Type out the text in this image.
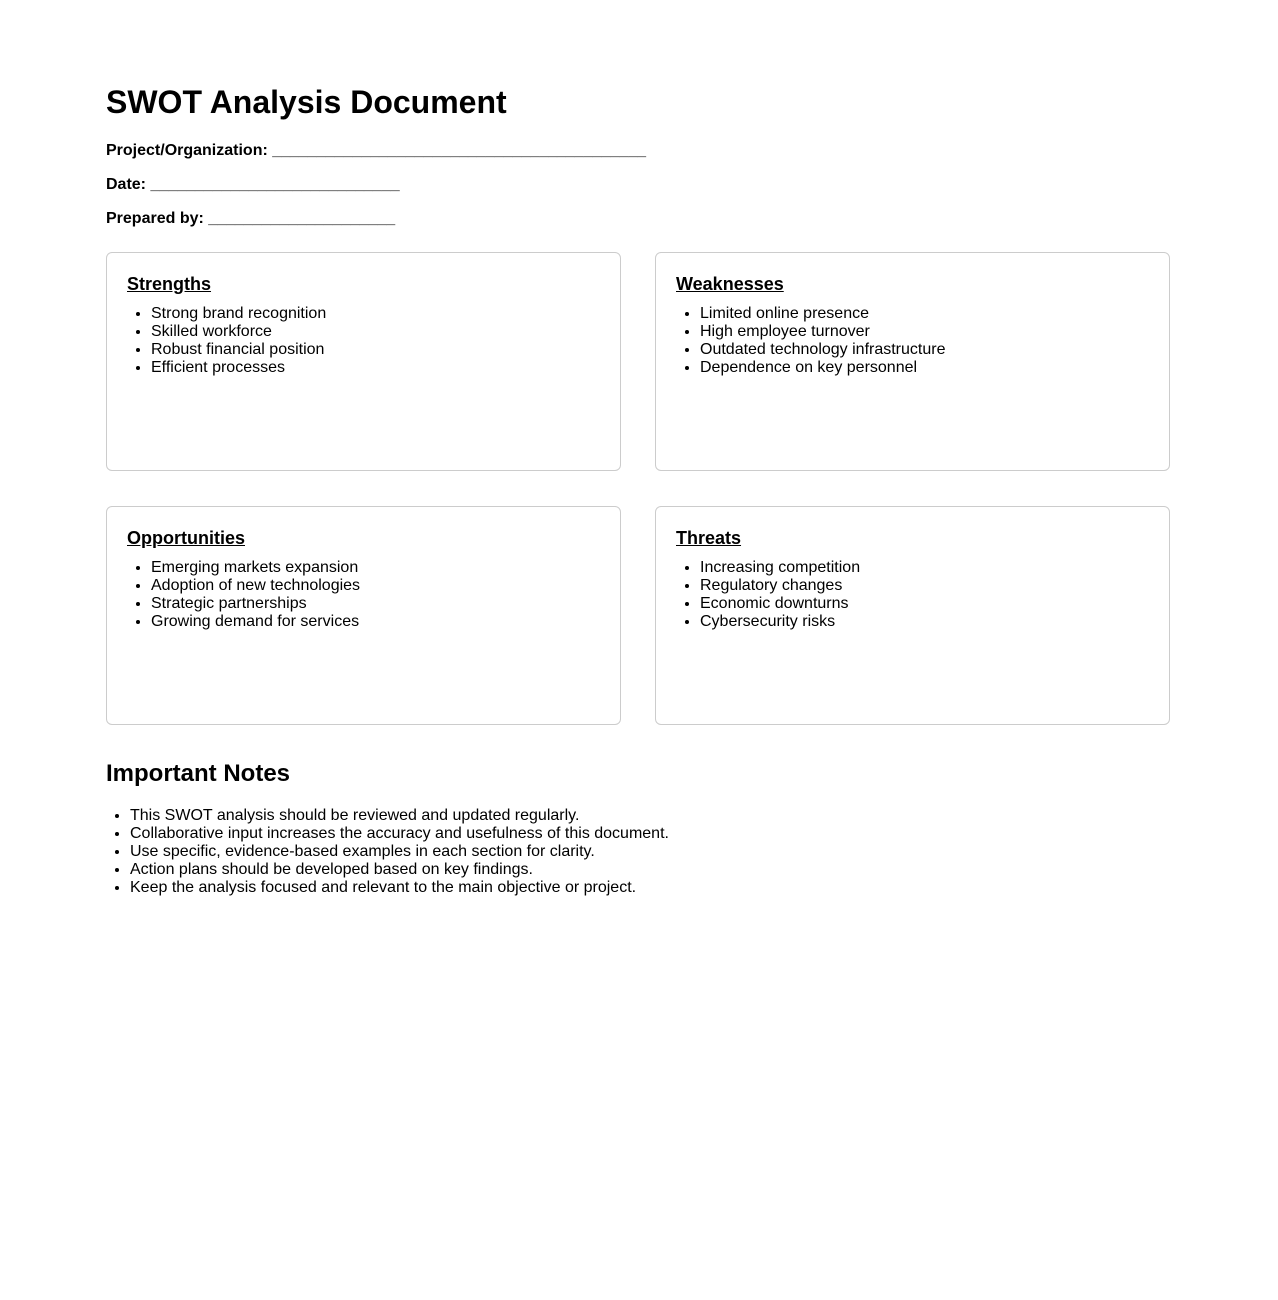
SWOT Analysis Document

Project/Organization: __________________________________________

Date: ____________________________

Prepared by: _____________________

Strengths
• Strong brand recognition
• Skilled workforce
• Robust financial position
• Efficient processes
Weaknesses
• Limited online presence
• High employee turnover
• Outdated technology infrastructure
• Dependence on key personnel
Opportunities
• Emerging markets expansion
• Adoption of new technologies
• Strategic partnerships
• Growing demand for services
Threats
• Increasing competition
• Regulatory changes
• Economic downturns
• Cybersecurity risks
Important Notes
• This SWOT analysis should be reviewed and updated regularly.
• Collaborative input increases the accuracy and usefulness of this document.
• Use specific, evidence-based examples in each section for clarity.
• Action plans should be developed based on key findings.
• Keep the analysis focused and relevant to the main objective or project.
